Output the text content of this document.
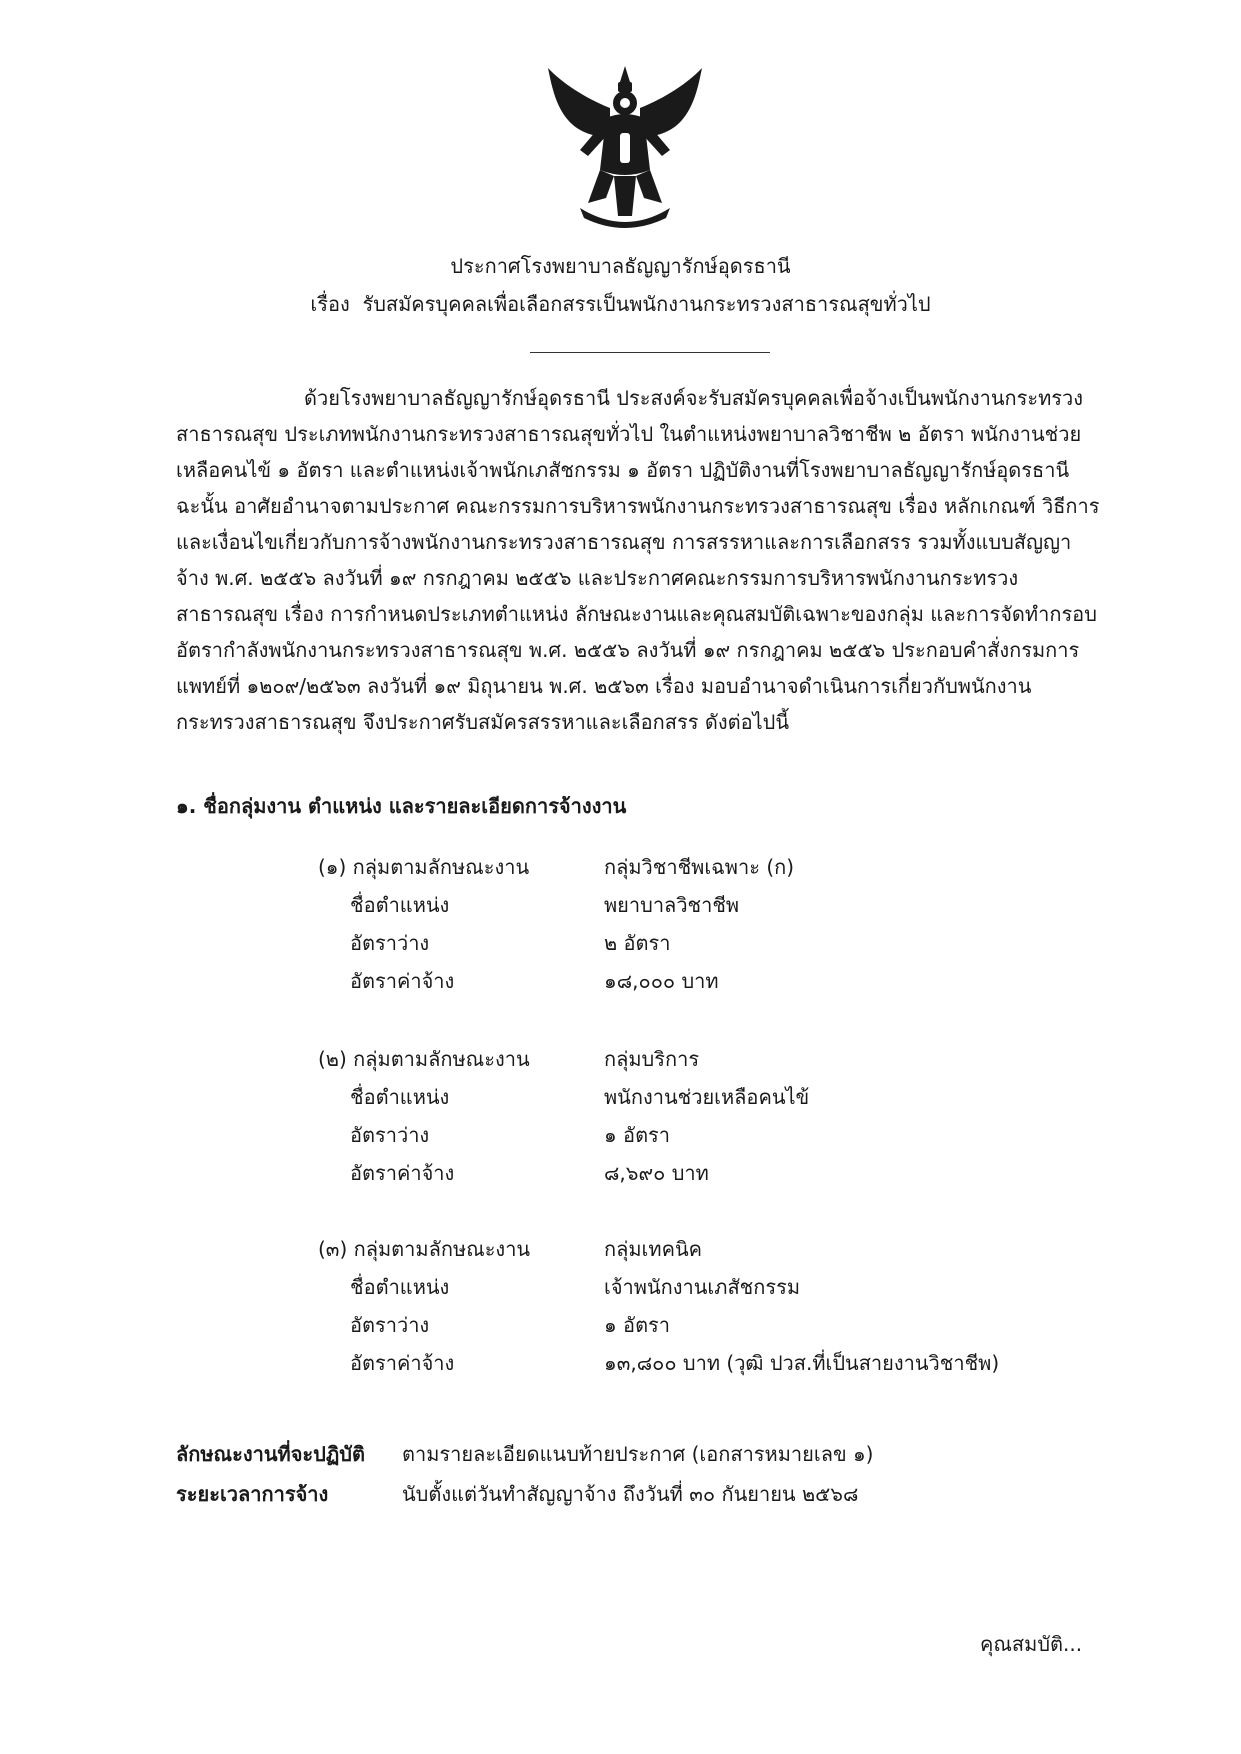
ประกาศโรงพยาบาลธัญญารักษ์อุดรธานี
เรื่อง รับสมัครบุคคลเพื่อเลือกสรรเป็นพนักงานกระทรวงสาธารณสุขทั่วไป
ด้วยโรงพยาบาลธัญญารักษ์อุดรธานี ประสงค์จะรับสมัครบุคคลเพื่อจ้างเป็นพนักงานกระทรวงสาธารณสุข ประเภทพนักงานกระทรวงสาธารณสุขทั่วไป ในตำแหน่งพยาบาลวิชาชีพ ๒ อัตรา พนักงานช่วยเหลือคนไข้ ๑ อัตรา และตำแหน่งเจ้าพนักเภสัชกรรม ๑ อัตรา ปฏิบัติงานที่โรงพยาบาลธัญญารักษ์อุดรธานี ฉะนั้น อาศัยอำนาจตามประกาศ คณะกรรมการบริหารพนักงานกระทรวงสาธารณสุข เรื่อง หลักเกณฑ์ วิธีการและเงื่อนไขเกี่ยวกับการจ้างพนักงานกระทรวงสาธารณสุข การสรรหาและการเลือกสรร รวมทั้งแบบสัญญาจ้าง พ.ศ. ๒๕๕๖ ลงวันที่ ๑๙ กรกฎาคม ๒๕๕๖ และประกาศคณะกรรมการบริหารพนักงานกระทรวงสาธารณสุข เรื่อง การกำหนดประเภทตำแหน่ง ลักษณะงานและคุณสมบัติเฉพาะของกลุ่ม และการจัดทำกรอบอัตรากำลังพนักงานกระทรวงสาธารณสุข พ.ศ. ๒๕๕๖ ลงวันที่ ๑๙ กรกฎาคม ๒๕๕๖ ประกอบคำสั่งกรมการแพทย์ที่ ๑๒๐๙/๒๕๖๓ ลงวันที่ ๑๙ มิถุนายน พ.ศ. ๒๕๖๓ เรื่อง มอบอำนาจดำเนินการเกี่ยวกับพนักงานกระทรวงสาธารณสุข จึงประกาศรับสมัครสรรหาและเลือกสรร ดังต่อไปนี้
๑. ชื่อกลุ่มงาน ตำแหน่ง และรายละเอียดการจ้างงาน
(๑) กลุ่มตามลักษณะงาน	กลุ่มวิชาชีพเฉพาะ (ก)
ชื่อตำแหน่ง	พยาบาลวิชาชีพ
อัตราว่าง	๒ อัตรา
อัตราค่าจ้าง	๑๘,๐๐๐ บาท
(๒) กลุ่มตามลักษณะงาน	กลุ่มบริการ
ชื่อตำแหน่ง	พนักงานช่วยเหลือคนไข้
อัตราว่าง	๑ อัตรา
อัตราค่าจ้าง	๘,๖๙๐ บาท
(๓) กลุ่มตามลักษณะงาน	กลุ่มเทคนิค
ชื่อตำแหน่ง	เจ้าพนักงานเภสัชกรรม
อัตราว่าง	๑ อัตรา
อัตราค่าจ้าง	๑๓,๘๐๐ บาท (วุฒิ ปวส.ที่เป็นสายงานวิชาชีพ)
ลักษณะงานที่จะปฏิบัติ ตามรายละเอียดแนบท้ายประกาศ (เอกสารหมายเลข ๑)
ระยะเวลาการจ้าง	นับตั้งแต่วันทำสัญญาจ้าง ถึงวันที่ ๓๐ กันยายน ๒๕๖๘
คุณสมบัติ...
